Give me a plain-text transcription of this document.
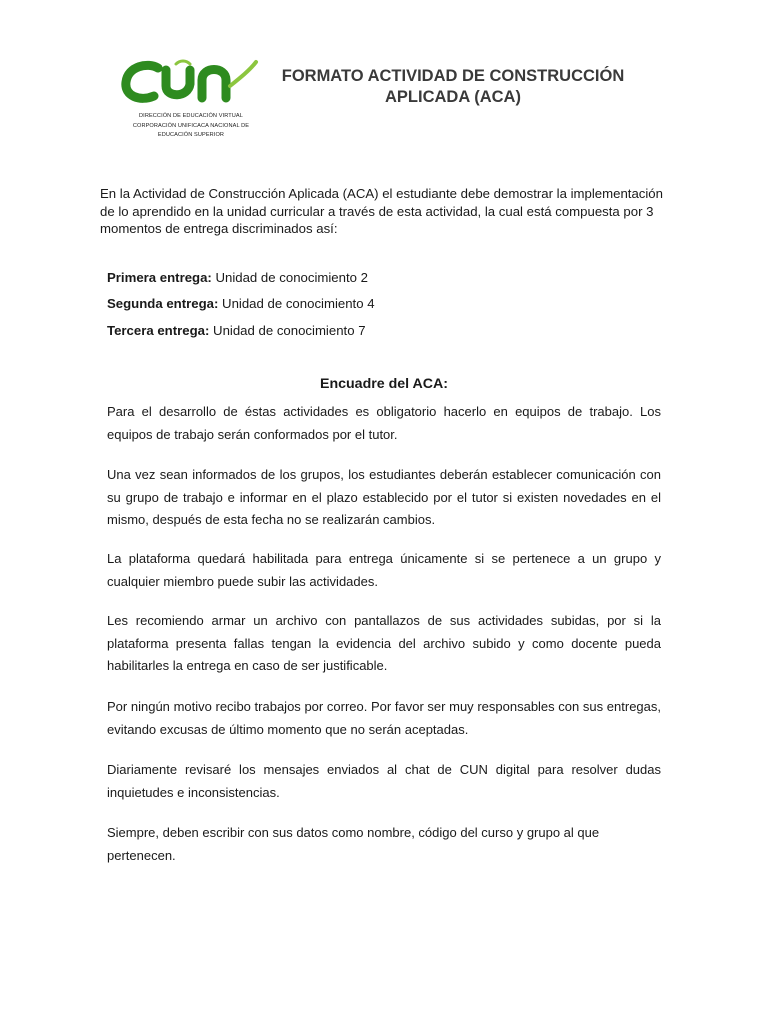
DIRECCIÓN DE EDUCACIÓN VIRTUAL
CORPORACIÓN UNIFICACA NACIONAL DE
EDUCACIÓN SUPERIOR
FORMATO ACTIVIDAD DE CONSTRUCCIÓN
APLICADA (ACA)
En la Actividad de Construcción Aplicada (ACA) el estudiante debe demostrar la implementación de lo aprendido en la unidad curricular a través de esta actividad, la cual está compuesta por 3 momentos de entrega discriminados así:
Primera entrega: Unidad de conocimiento 2
Segunda entrega: Unidad de conocimiento 4
Tercera entrega: Unidad de conocimiento 7
Encuadre del ACA:
Para el desarrollo de éstas actividades es obligatorio hacerlo en equipos de trabajo. Los equipos de trabajo serán conformados por el tutor.
Una vez sean informados de los grupos, los estudiantes deberán establecer comunicación con su grupo de trabajo e informar en el plazo establecido por el tutor si existen novedades en el mismo, después de esta fecha no se realizarán cambios.
La plataforma quedará habilitada para entrega únicamente si se pertenece a un grupo y cualquier miembro puede subir las actividades.
Les recomiendo armar un archivo con pantallazos de sus actividades subidas, por si la plataforma presenta fallas tengan la evidencia del archivo subido y como docente pueda habilitarles la entrega en caso de ser justificable.
Por ningún motivo recibo trabajos por correo. Por favor ser muy responsables con sus entregas, evitando excusas de último momento que no serán aceptadas.
Diariamente revisaré los mensajes enviados al chat de CUN digital para resolver dudas inquietudes e inconsistencias.
Siempre, deben escribir con sus datos como nombre, código del curso y grupo al que pertenecen.
